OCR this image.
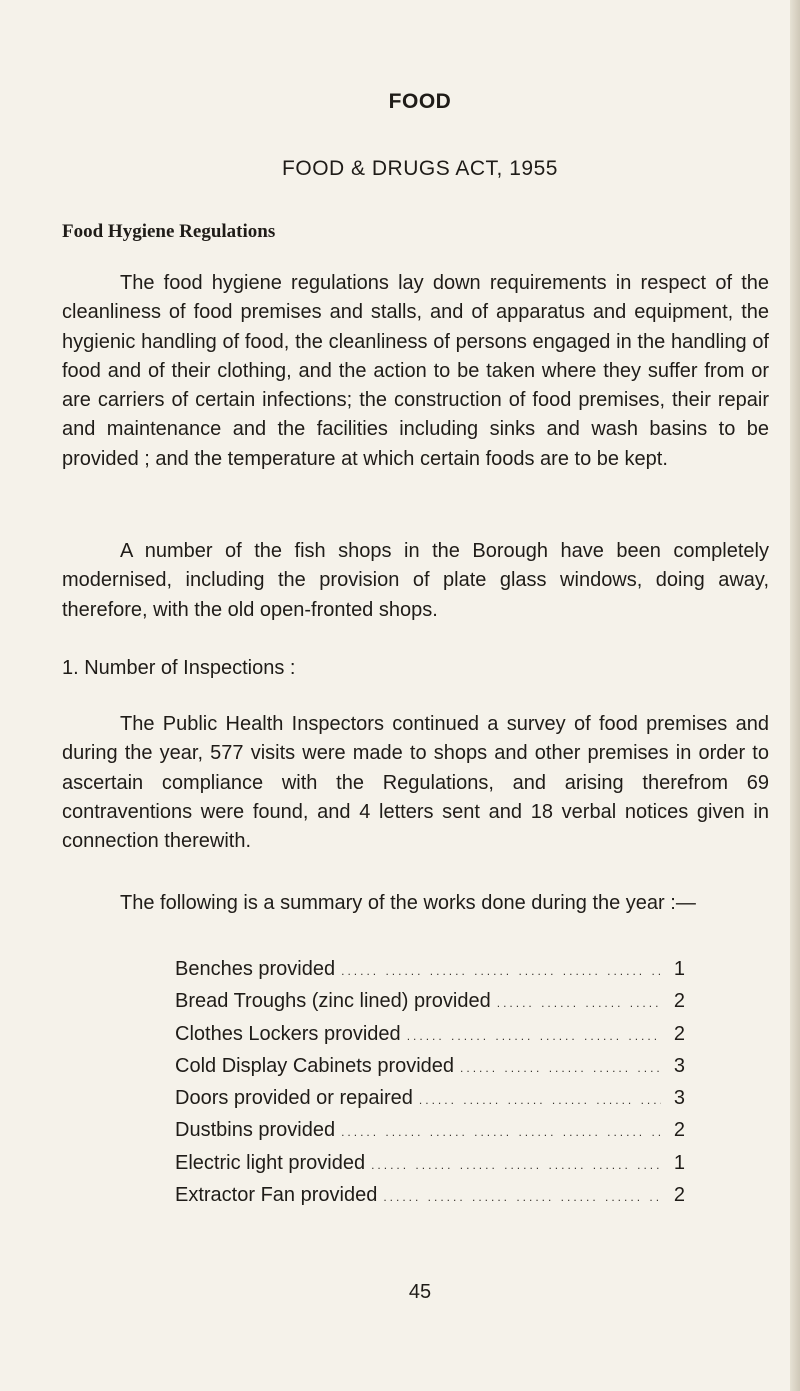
FOOD
FOOD & DRUGS ACT, 1955
Food Hygiene Regulations

The food hygiene regulations lay down requirements in respect of the cleanliness of food premises and stalls, and of apparatus and equipment, the hygienic handling of food, the cleanliness of persons engaged in the handling of food and of their clothing, and the action to be taken where they suffer from or are carriers of certain infections; the construction of food premises, their repair and maintenance and the facilities including sinks and wash basins to be provided ; and the temperature at which certain foods are to be kept.

A number of the fish shops in the Borough have been completely modernised, including the provision of plate glass windows, doing away, therefore, with the old open-fronted shops.

1. Number of Inspections :

The Public Health Inspectors continued a survey of food premises and during the year, 577 visits were made to shops and other premises in order to ascertain compliance with the Regulations, and arising therefrom 69 contraventions were found, and 4 letters sent and 18 verbal notices given in connection therewith.

The following is a summary of the works done during the year :—

Benches provided .....	1
Bread Troughs (zinc lined) provided .....	2
Clothes Lockers provided .....	2
Cold Display Cabinets provided .....	3
Doors provided or repaired .....	3
Dustbins provided .....	2
Electric light provided .....	1
Extractor Fan provided .....	2
45
